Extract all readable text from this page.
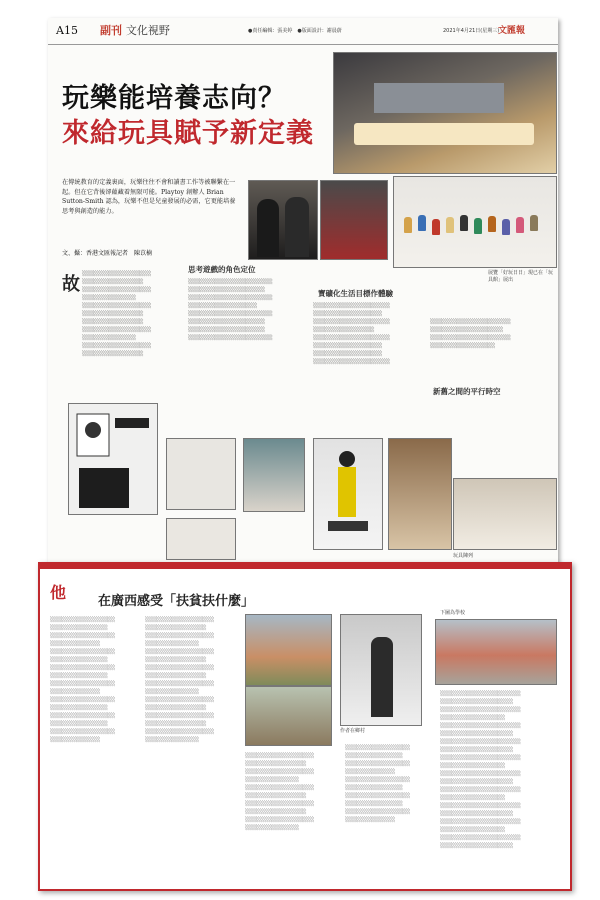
A15 副刊 文化視野	●責任編輯：張美婷　●版面設計：謝晨蔚	2021年4月21日(星期三)
文匯報
玩樂能培養志向？
來給玩具賦予新定義
展覽「好玩日日」現已在「玩具館」展出
在傳統教育的定義裏面，玩樂往往不會和讀書工作等被聯繫在一起。但在它背後卻蘊藏着無限可能。Playtoy 創辦人 Brian Sutton-Smith 認為，玩樂不但是兒童發展的必需，它更能培養思考與創造的能力。
文、攝：香港文匯報記者　陳苡楠
故 ░░░░░░░░░░░░░░░░░░ ░░░░░░░░░░░░░░░░ ░░░░░░░░░░░░░░░░░░ ░░░░░░░░░░░░░░ ░░░░░░░░░░░░░░░░░░ ░░░░░░░░░░░░░░░░ ░░░░░░░░░░░░░░░░ ░░░░░░░░░░░░░░░░░░ ░░░░░░░░░░░░░░ ░░░░░░░░░░░░░░░░░░ ░░░░░░░░░░░░░░░░
思考遊戲的角色定位
░░░░░░░░░░░░░░░░░░░░░░ ░░░░░░░░░░░░░░░░░░░░ ░░░░░░░░░░░░░░░░░░░░░░ ░░░░░░░░░░░░░░░░░░ ░░░░░░░░░░░░░░░░░░░░░░ ░░░░░░░░░░░░░░░░░░░░ ░░░░░░░░░░░░░░░░░░░░ ░░░░░░░░░░░░░░░░░░░░░░
寶礦化生活目標作體驗
░░░░░░░░░░░░░░░░░░░░ ░░░░░░░░░░░░░░░░░░ ░░░░░░░░░░░░░░░░░░░░ ░░░░░░░░░░░░░░░░ ░░░░░░░░░░░░░░░░░░░░ ░░░░░░░░░░░░░░░░░░ ░░░░░░░░░░░░░░░░░░ ░░░░░░░░░░░░░░░░░░░░
新舊之間的平行時空
░░░░░░░░░░░░░░░░░░░░░ ░░░░░░░░░░░░░░░░░░░ ░░░░░░░░░░░░░░░░░░░░░ ░░░░░░░░░░░░░░░░░
玩具陳列
他 在廣西感受「扶貧扶什麼」
░░░░░░░░░░░░░░░░░ ░░░░░░░░░░░░░░░ ░░░░░░░░░░░░░░░░░ ░░░░░░░░░░░░░ ░░░░░░░░░░░░░░░░░ ░░░░░░░░░░░░░░░ ░░░░░░░░░░░░░░░░░ ░░░░░░░░░░░░░░░ ░░░░░░░░░░░░░░░░░ ░░░░░░░░░░░░░ ░░░░░░░░░░░░░░░░░ ░░░░░░░░░░░░░░░ ░░░░░░░░░░░░░░░░░ ░░░░░░░░░░░░░░░ ░░░░░░░░░░░░░░░░░ ░░░░░░░░░░░░░
░░░░░░░░░░░░░░░░░░ ░░░░░░░░░░░░░░░░ ░░░░░░░░░░░░░░░░░░ ░░░░░░░░░░░░░░ ░░░░░░░░░░░░░░░░░░ ░░░░░░░░░░░░░░░░ ░░░░░░░░░░░░░░░░░░ ░░░░░░░░░░░░░░░░ ░░░░░░░░░░░░░░░░░░ ░░░░░░░░░░░░░░ ░░░░░░░░░░░░░░░░░░ ░░░░░░░░░░░░░░░░ ░░░░░░░░░░░░░░░░░░ ░░░░░░░░░░░░░░░░ ░░░░░░░░░░░░░░░░░░ ░░░░░░░░░░░░░░
作者在鄉村
下圖為學校
░░░░░░░░░░░░░░░░░░ ░░░░░░░░░░░░░░░░ ░░░░░░░░░░░░░░░░░░ ░░░░░░░░░░░░░░ ░░░░░░░░░░░░░░░░░░ ░░░░░░░░░░░░░░░░ ░░░░░░░░░░░░░░░░░░ ░░░░░░░░░░░░░░░░ ░░░░░░░░░░░░░░░░░░ ░░░░░░░░░░░░░░
░░░░░░░░░░░░░░░░░ ░░░░░░░░░░░░░░░ ░░░░░░░░░░░░░░░░░ ░░░░░░░░░░░░░ ░░░░░░░░░░░░░░░░░ ░░░░░░░░░░░░░░░ ░░░░░░░░░░░░░░░░░ ░░░░░░░░░░░░░░░ ░░░░░░░░░░░░░░░░░ ░░░░░░░░░░░░░
░░░░░░░░░░░░░░░░░░░░░ ░░░░░░░░░░░░░░░░░░░ ░░░░░░░░░░░░░░░░░░░░░ ░░░░░░░░░░░░░░░░░ ░░░░░░░░░░░░░░░░░░░░░ ░░░░░░░░░░░░░░░░░░░ ░░░░░░░░░░░░░░░░░░░░░ ░░░░░░░░░░░░░░░░░░░ ░░░░░░░░░░░░░░░░░░░░░ ░░░░░░░░░░░░░░░░░ ░░░░░░░░░░░░░░░░░░░░░ ░░░░░░░░░░░░░░░░░░░ ░░░░░░░░░░░░░░░░░░░░░ ░░░░░░░░░░░░░░░░░ ░░░░░░░░░░░░░░░░░░░░░ ░░░░░░░░░░░░░░░░░░░ ░░░░░░░░░░░░░░░░░░░░░ ░░░░░░░░░░░░░░░░░ ░░░░░░░░░░░░░░░░░░░░░ ░░░░░░░░░░░░░░░░░░░
